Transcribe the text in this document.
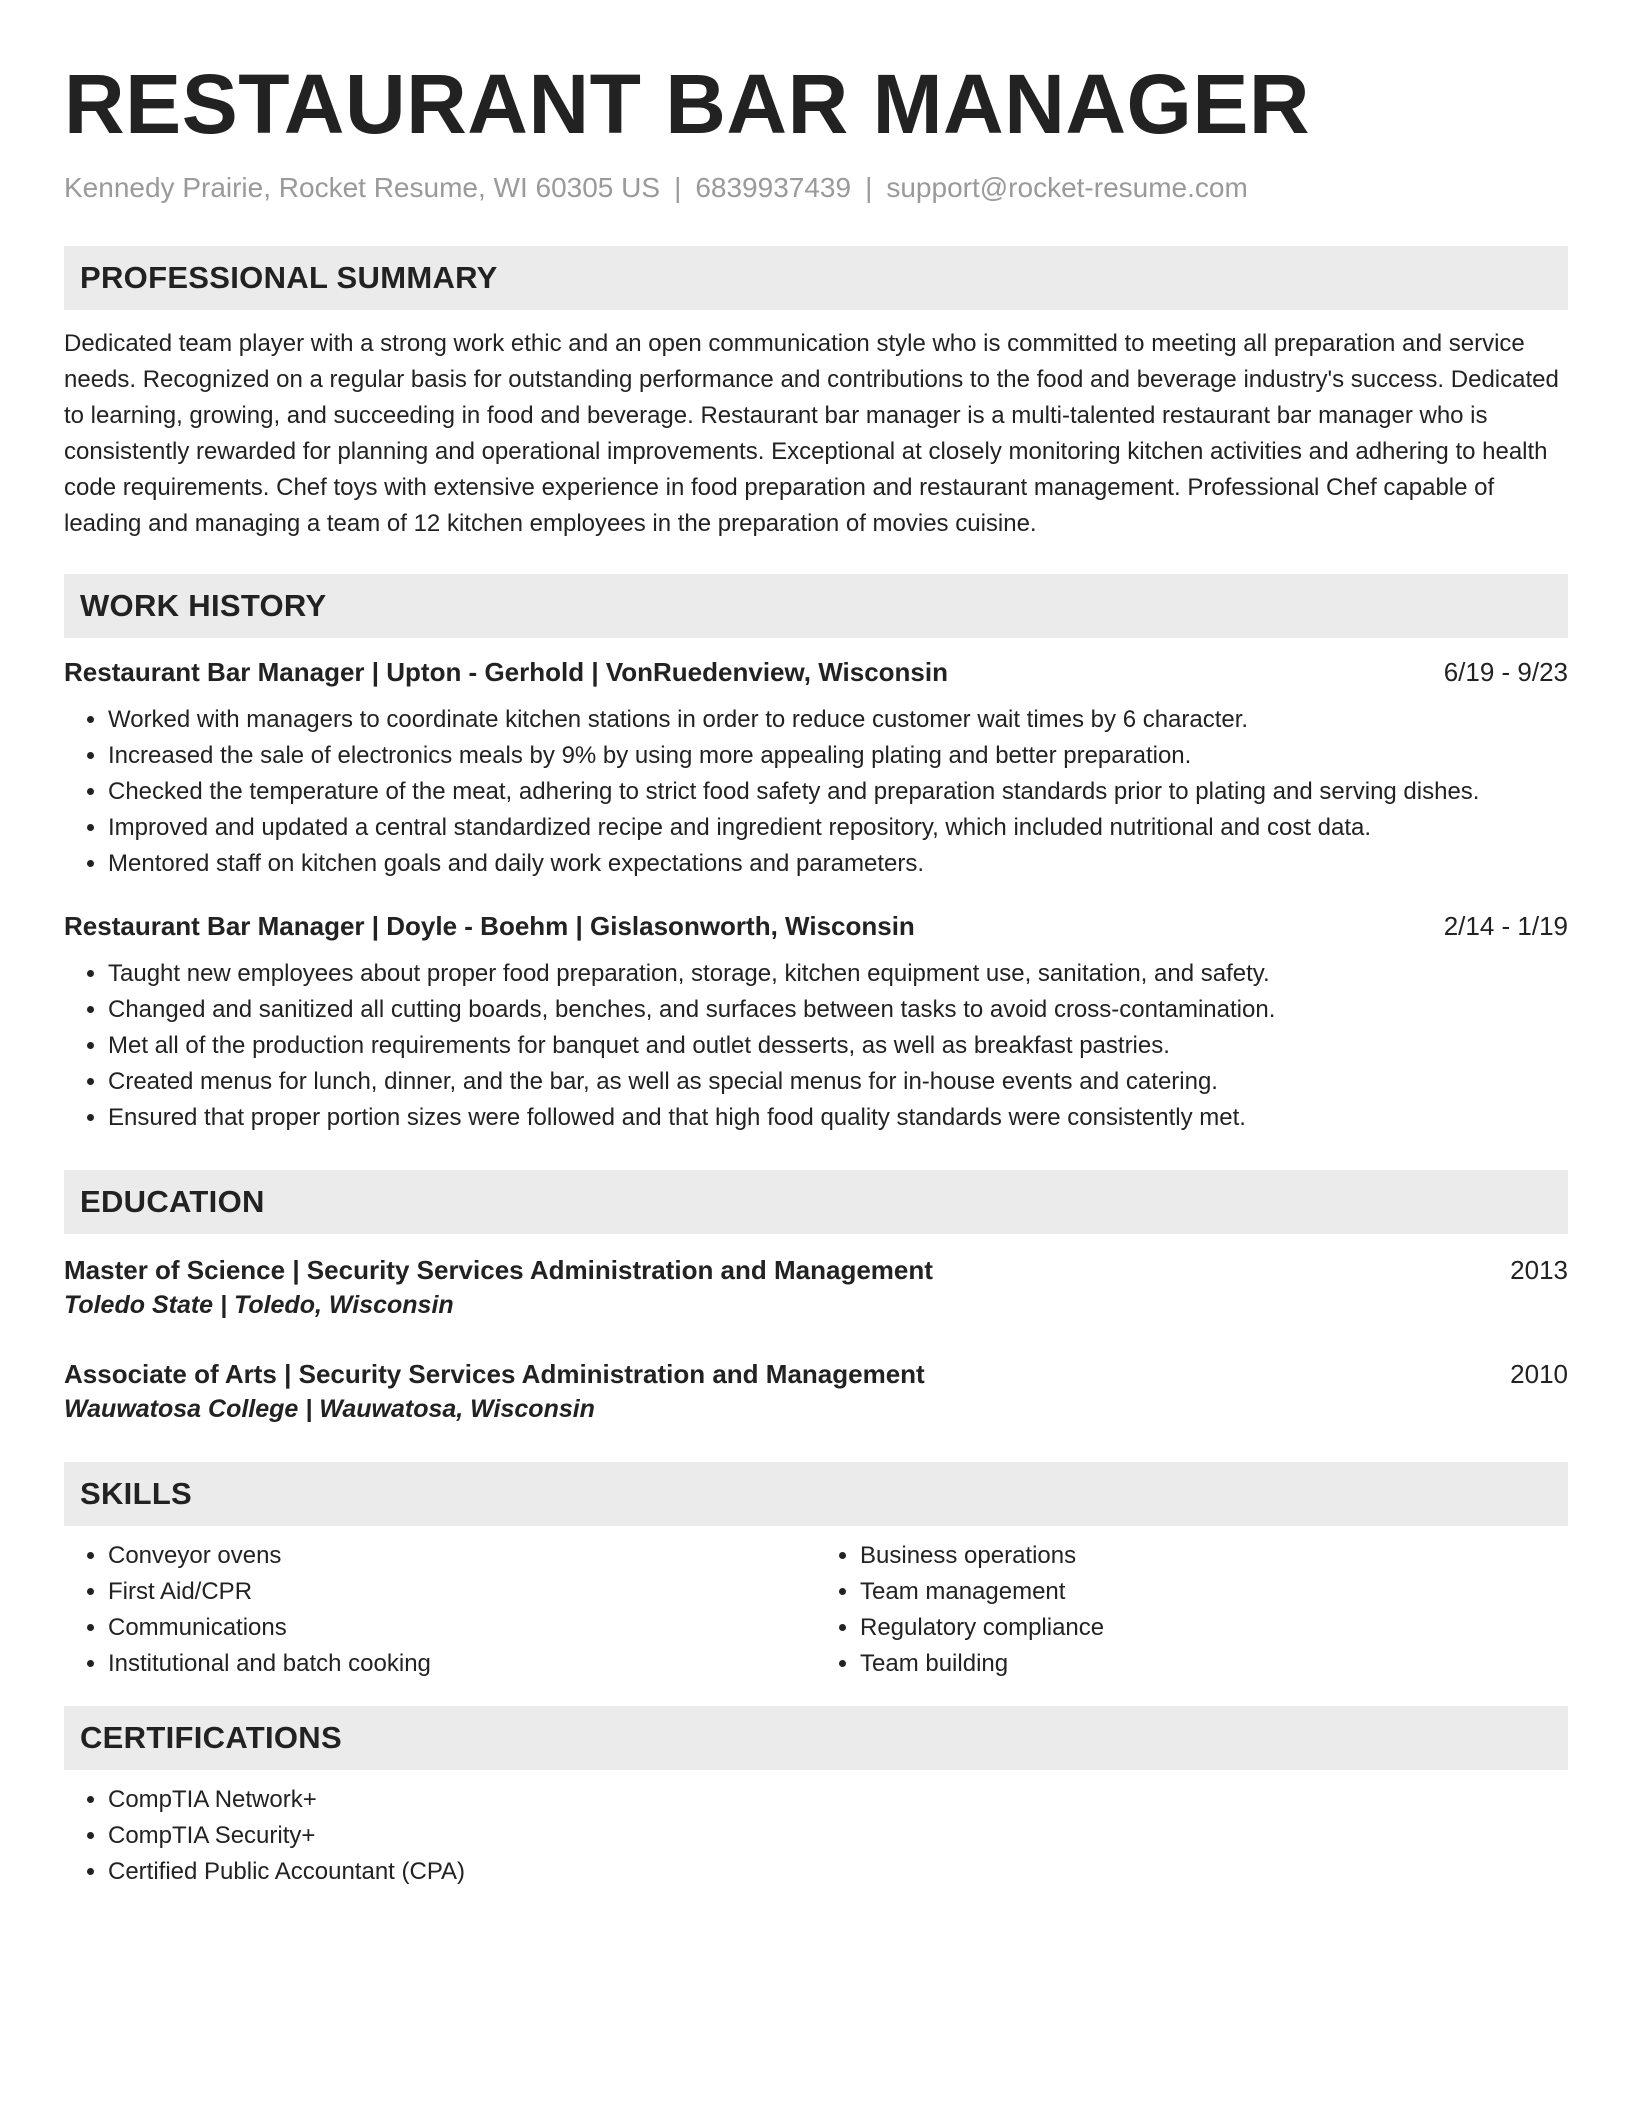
RESTAURANT BAR MANAGER
Kennedy Prairie, Rocket Resume, WI 60305 US | 6839937439 | support@rocket-resume.com
PROFESSIONAL SUMMARY

Dedicated team player with a strong work ethic and an open communication style who is committed to meeting all preparation and service needs. Recognized on a regular basis for outstanding performance and contributions to the food and beverage industry's success. Dedicated to learning, growing, and succeeding in food and beverage. Restaurant bar manager is a multi-talented restaurant bar manager who is consistently rewarded for planning and operational improvements. Exceptional at closely monitoring kitchen activities and adhering to health code requirements. Chef toys with extensive experience in food preparation and restaurant management. Professional Chef capable of leading and managing a team of 12 kitchen employees in the preparation of movies cuisine.

WORK HISTORY
Restaurant Bar Manager | Upton - Gerhold | VonRuedenview, Wisconsin	6/19 - 9/23
• Worked with managers to coordinate kitchen stations in order to reduce customer wait times by 6 character.
• Increased the sale of electronics meals by 9% by using more appealing plating and better preparation.
• Checked the temperature of the meat, adhering to strict food safety and preparation standards prior to plating and serving dishes.
• Improved and updated a central standardized recipe and ingredient repository, which included nutritional and cost data.
• Mentored staff on kitchen goals and daily work expectations and parameters.
Restaurant Bar Manager | Doyle - Boehm | Gislasonworth, Wisconsin	2/14 - 1/19
• Taught new employees about proper food preparation, storage, kitchen equipment use, sanitation, and safety.
• Changed and sanitized all cutting boards, benches, and surfaces between tasks to avoid cross-contamination.
• Met all of the production requirements for banquet and outlet desserts, as well as breakfast pastries.
• Created menus for lunch, dinner, and the bar, as well as special menus for in-house events and catering.
• Ensured that proper portion sizes were followed and that high food quality standards were consistently met.
EDUCATION
Master of Science | Security Services Administration and Management	2013
Toledo State | Toledo, Wisconsin
Associate of Arts | Security Services Administration and Management	2010
Wauwatosa College | Wauwatosa, Wisconsin
SKILLS
• Conveyor ovens
• First Aid/CPR
• Communications
• Institutional and batch cooking
• Business operations
• Team management
• Regulatory compliance
• Team building
CERTIFICATIONS
• CompTIA Network+
• CompTIA Security+
• Certified Public Accountant (CPA)
